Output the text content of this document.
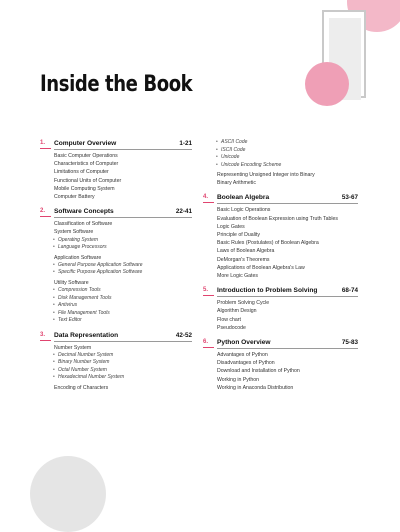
Inside the Book
1.	Computer Overview	1-21
Basic Computer Operations
Characteristics of Computer
Limitations of Computer
Functional Units of Computer
Mobile Computing System
Computer Battery
2.	Software Concepts	22-41
Classification of Software
System Software
• Operating System
• Language Processors
Application Software
• General Purpose Application Software
• Specific Purpose Application Software
Utility Software
• Compression Tools
• Disk Management Tools
• Antivirus
• File Management Tools
• Text Editor
3.	Data Representation	42-52
Number System
• Decimal Number System
• Binary Number System
• Octal Number System
• Hexadecimal Number System
Encoding of Characters
• ASCII Code
• ISCII Code
• Unicode
• Unicode Encoding Scheme
Representing Unsigned Integer into Binary
Binary Arithmetic
4.	Boolean Algebra	53-67
Basic Logic Operations
Evaluation of Boolean Expression using Truth Tables
Logic Gates
Principle of Duality
Basic Rules (Postulates) of Boolean Algebra
Laws of Boolean Algebra
DeMorgan's Theorems
Applications of Boolean Algebra's Law
More Logic Gates
5.	Introduction to Problem Solving	68-74
Problem Solving Cycle
Algorithm Design
Flow chart
Pseudocode
6.	Python Overview	75-83
Advantages of Python
Disadvantages of Python
Download and Installation of Python
Working in Python
Working in Anaconda Distribution
